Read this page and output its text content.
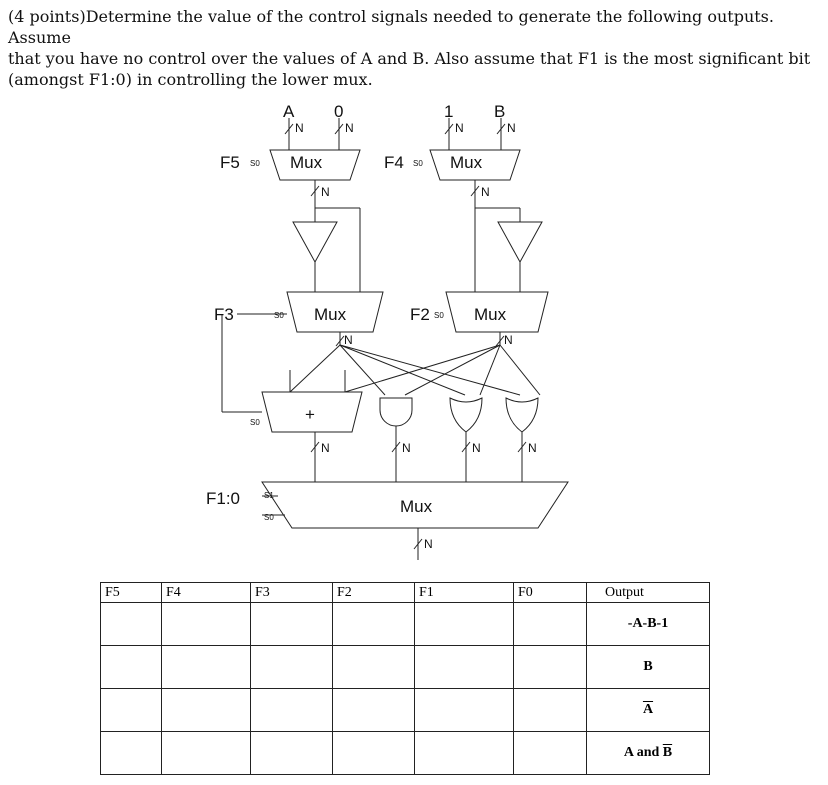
(4 points)Determine the value of the control signals needed to generate the following outputs. Assume

that you have no control over the values of A and B. Also assume that F1 is the most significant bit

(amongst F1:0) in controlling the lower mux.

A 0	1 B
N	N	N	N
Mux	Mux
F5 S0	F4 S0
N	N
Mux	Mux
F3	S0	F2 S0
N	N
+
S0
N	N	N	N
Mux
F1:0	S1
S0
N
F5	F4	F3	F2	F1	F0	Output
						-A-B-1
						B
						$\overline{A}$
						A and $\overline{B}$
